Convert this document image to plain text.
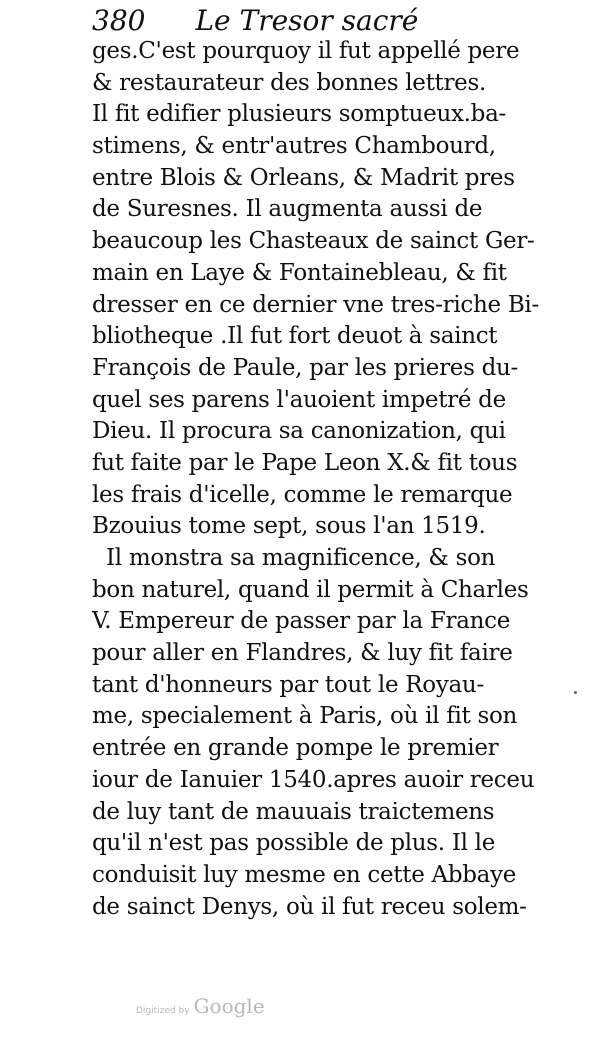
380 Le Tresor sacré
ges.C'est pourquoy il fut appellé pere
& restaurateur des bonnes lettres.
Il fit edifier plusieurs somptueux.ba-
stimens, & entr'autres Chambourd,
entre Blois & Orleans, & Madrit pres
de Suresnes. Il augmenta aussi de
beaucoup les Chasteaux de sainct Ger-
main en Laye & Fontainebleau, & fit
dresser en ce dernier vne tres-riche Bi-
bliotheque .Il fut fort deuot à sainct
François de Paule, par les prieres du-
quel ses parens l'auoient impetré de
Dieu. Il procura sa canonization, qui
fut faite par le Pape Leon X.& fit tous
les frais d'icelle, comme le remarque
Bzouius tome sept, sous l'an 1519.
Il monstra sa magnificence, & son
bon naturel, quand il permit à Charles
V. Empereur de passer par la France
pour aller en Flandres, & luy fit faire
tant d'honneurs par tout le Royau-
me, specialement à Paris, où il fit son
entrée en grande pompe le premier
iour de Ianuier 1540.apres auoir receu
de luy tant de mauuais traictemens
qu'il n'est pas possible de plus. Il le
conduisit luy mesme en cette Abbaye
de sainct Denys, où il fut receu solem-
Digitized by Google
